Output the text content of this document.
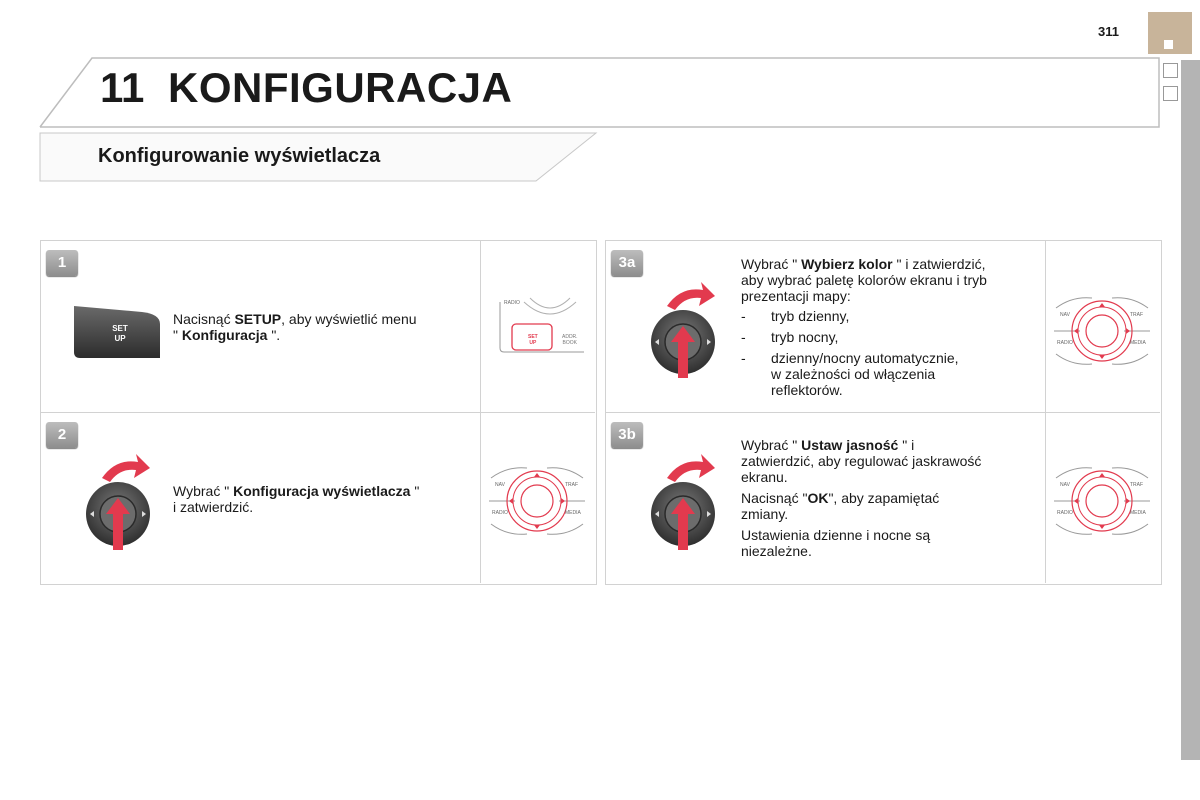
311
11 KONFIGURACJA
Konfigurowanie wyświetlacza
1
SET
UP
Nacisnąć SETUP, aby wyświetlić menu
" Konfiguracja ".
RADIO
SET
UP
ADDR.
BOOK
2
Wybrać " Konfiguracja wyświetlacza "
i zatwierdzić.
NAV	TRAF
RADIO	MEDIA
3a	Wybrać " Wybierz kolor " i zatwierdzić,
aby wybrać paletę kolorów ekranu i tryb
prezentacji mapy:
- tryb dzienny,
- tryb nocny,
- dzienny/nocny automatycznie,
w zależności od włączenia
reflektorów.
NAV	TRAF
RADIO	MEDIA
3b
Wybrać " Ustaw jasność " i
zatwierdzić, aby regulować jaskrawość
ekranu.
Nacisnąć "OK", aby zapamiętać
zmiany.
Ustawienia dzienne i nocne są
niezależne.
NAV	TRAF
RADIO	MEDIA
